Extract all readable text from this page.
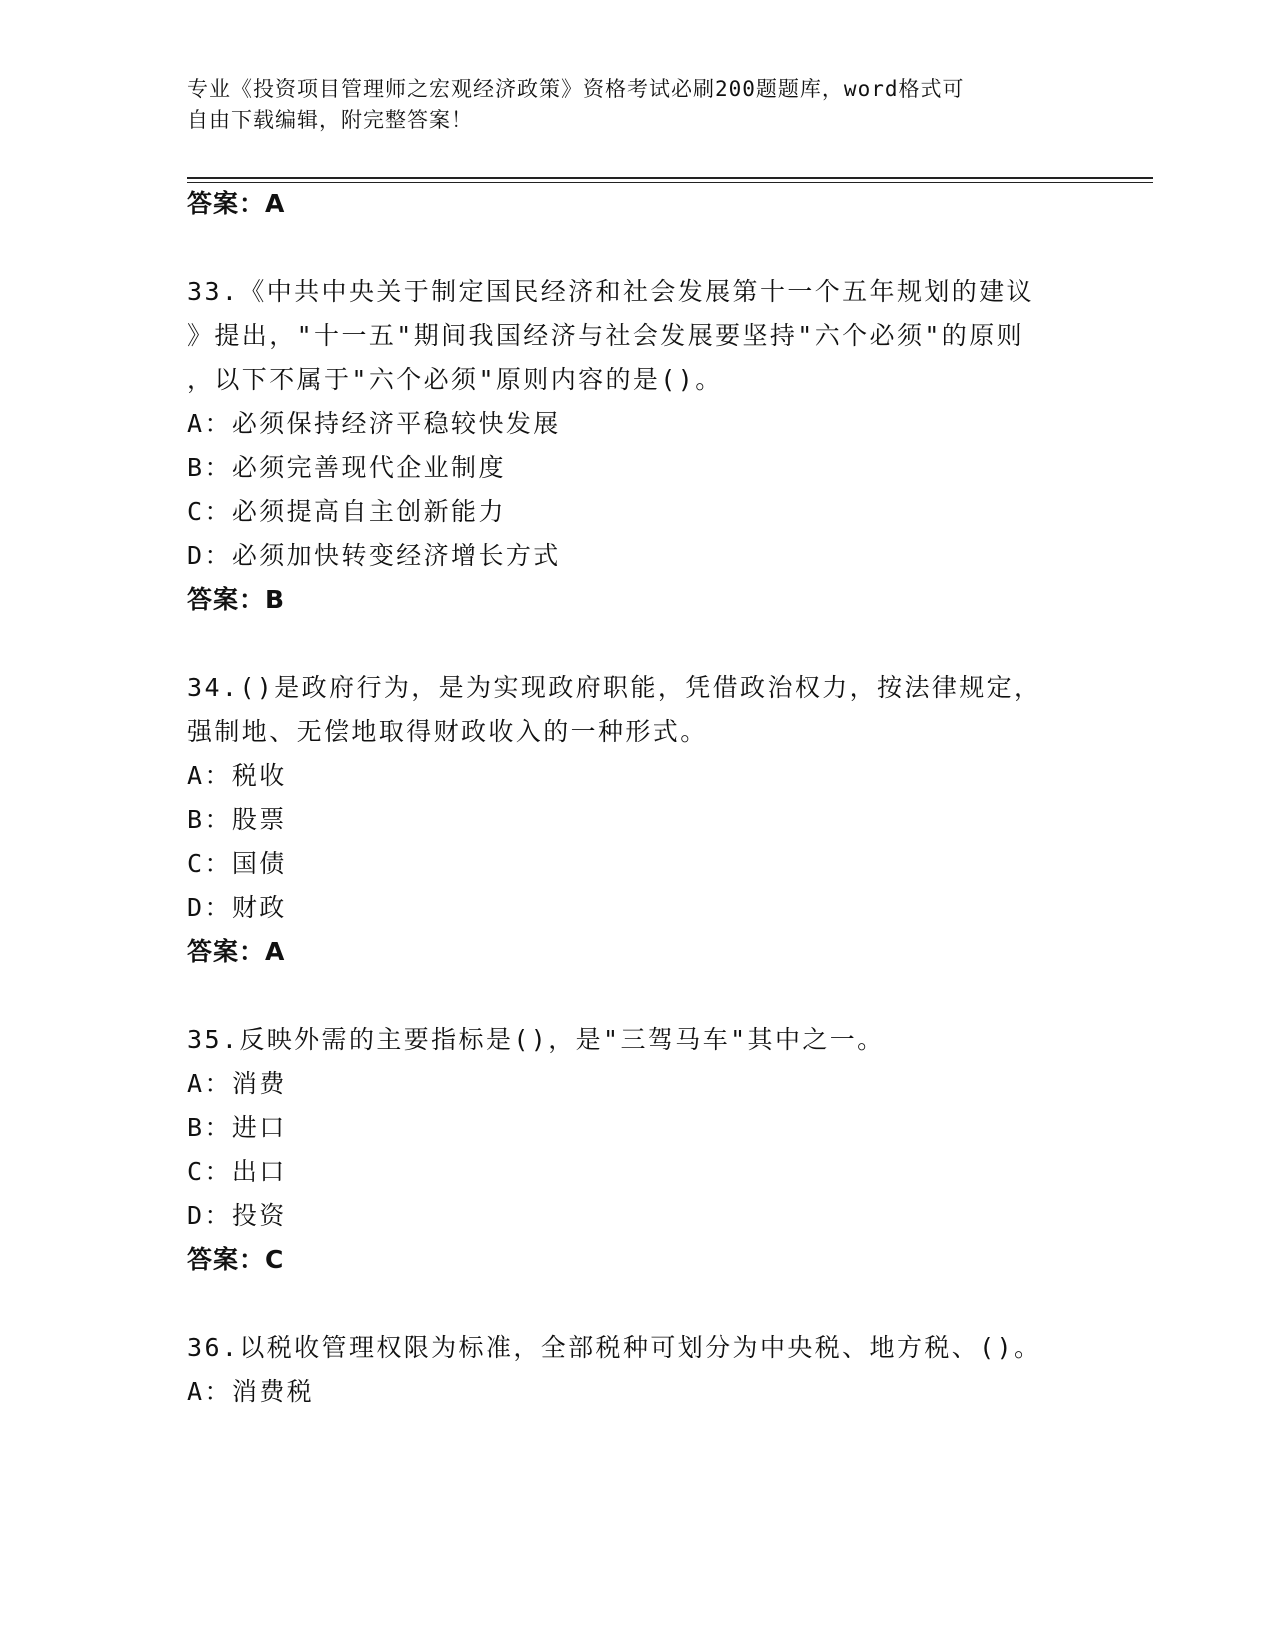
专业《投资项目管理师之宏观经济政策》资格考试必刷200题题库，word格式可
自由下载编辑，附完整答案！
答案：A
33.《中共中央关于制定国民经济和社会发展第十一个五年规划的建议
》提出，"十一五"期间我国经济与社会发展要坚持"六个必须"的原则
，以下不属于"六个必须"原则内容的是()。
A：必须保持经济平稳较快发展
B：必须完善现代企业制度
C：必须提高自主创新能力
D：必须加快转变经济增长方式
答案：B
34.()是政府行为，是为实现政府职能，凭借政治权力，按法律规定，
强制地、无偿地取得财政收入的一种形式。
A：税收
B：股票
C：国债
D：财政
答案：A
35.反映外需的主要指标是()，是"三驾马车"其中之一。
A：消费
B：进口
C：出口
D：投资
答案：C
36.以税收管理权限为标准，全部税种可划分为中央税、地方税、()。
A：消费税
